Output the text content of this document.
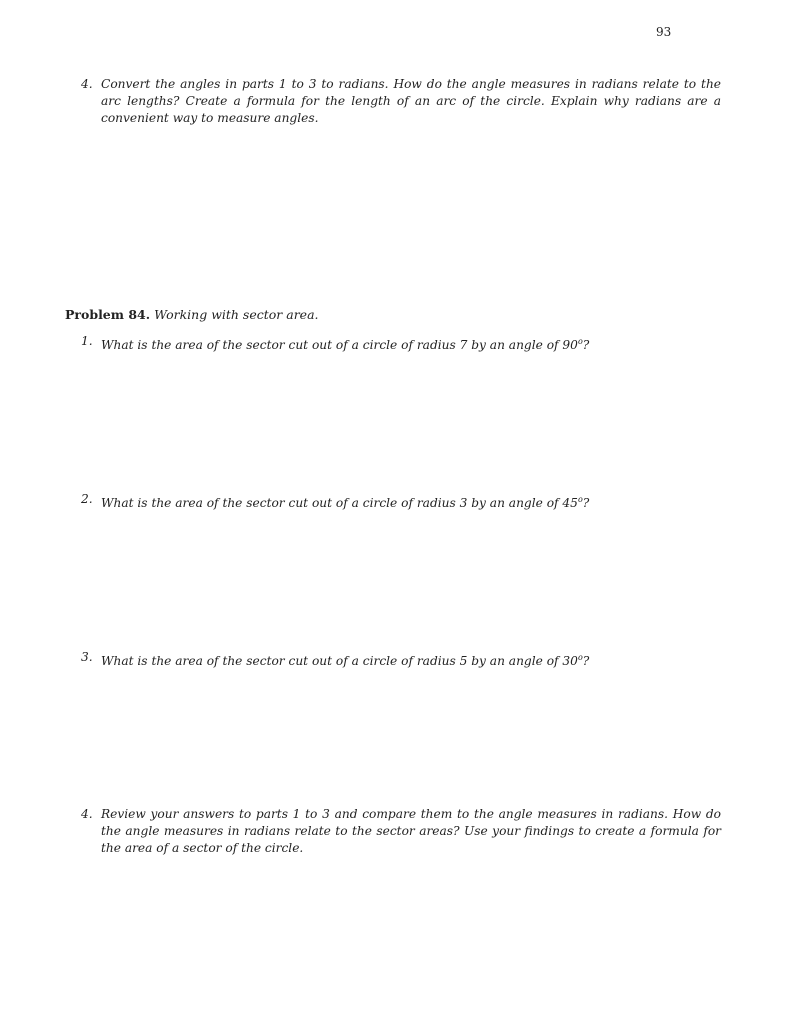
93
4. Convert the angles in parts 1 to 3 to radians. How do the angle measures in radians relate to the arc lengths? Create a formula for the length of an arc of the circle. Explain why radians are a convenient way to measure angles.
Problem 84. Working with sector area.
1. What is the area of the sector cut out of a circle of radius 7 by an angle of 90$^o$?
2. What is the area of the sector cut out of a circle of radius 3 by an angle of 45$^o$?
3. What is the area of the sector cut out of a circle of radius 5 by an angle of 30$^o$?
4. Review your answers to parts 1 to 3 and compare them to the angle measures in radians. How do the angle measures in radians relate to the sector areas? Use your findings to create a formula for the area of a sector of the circle.
